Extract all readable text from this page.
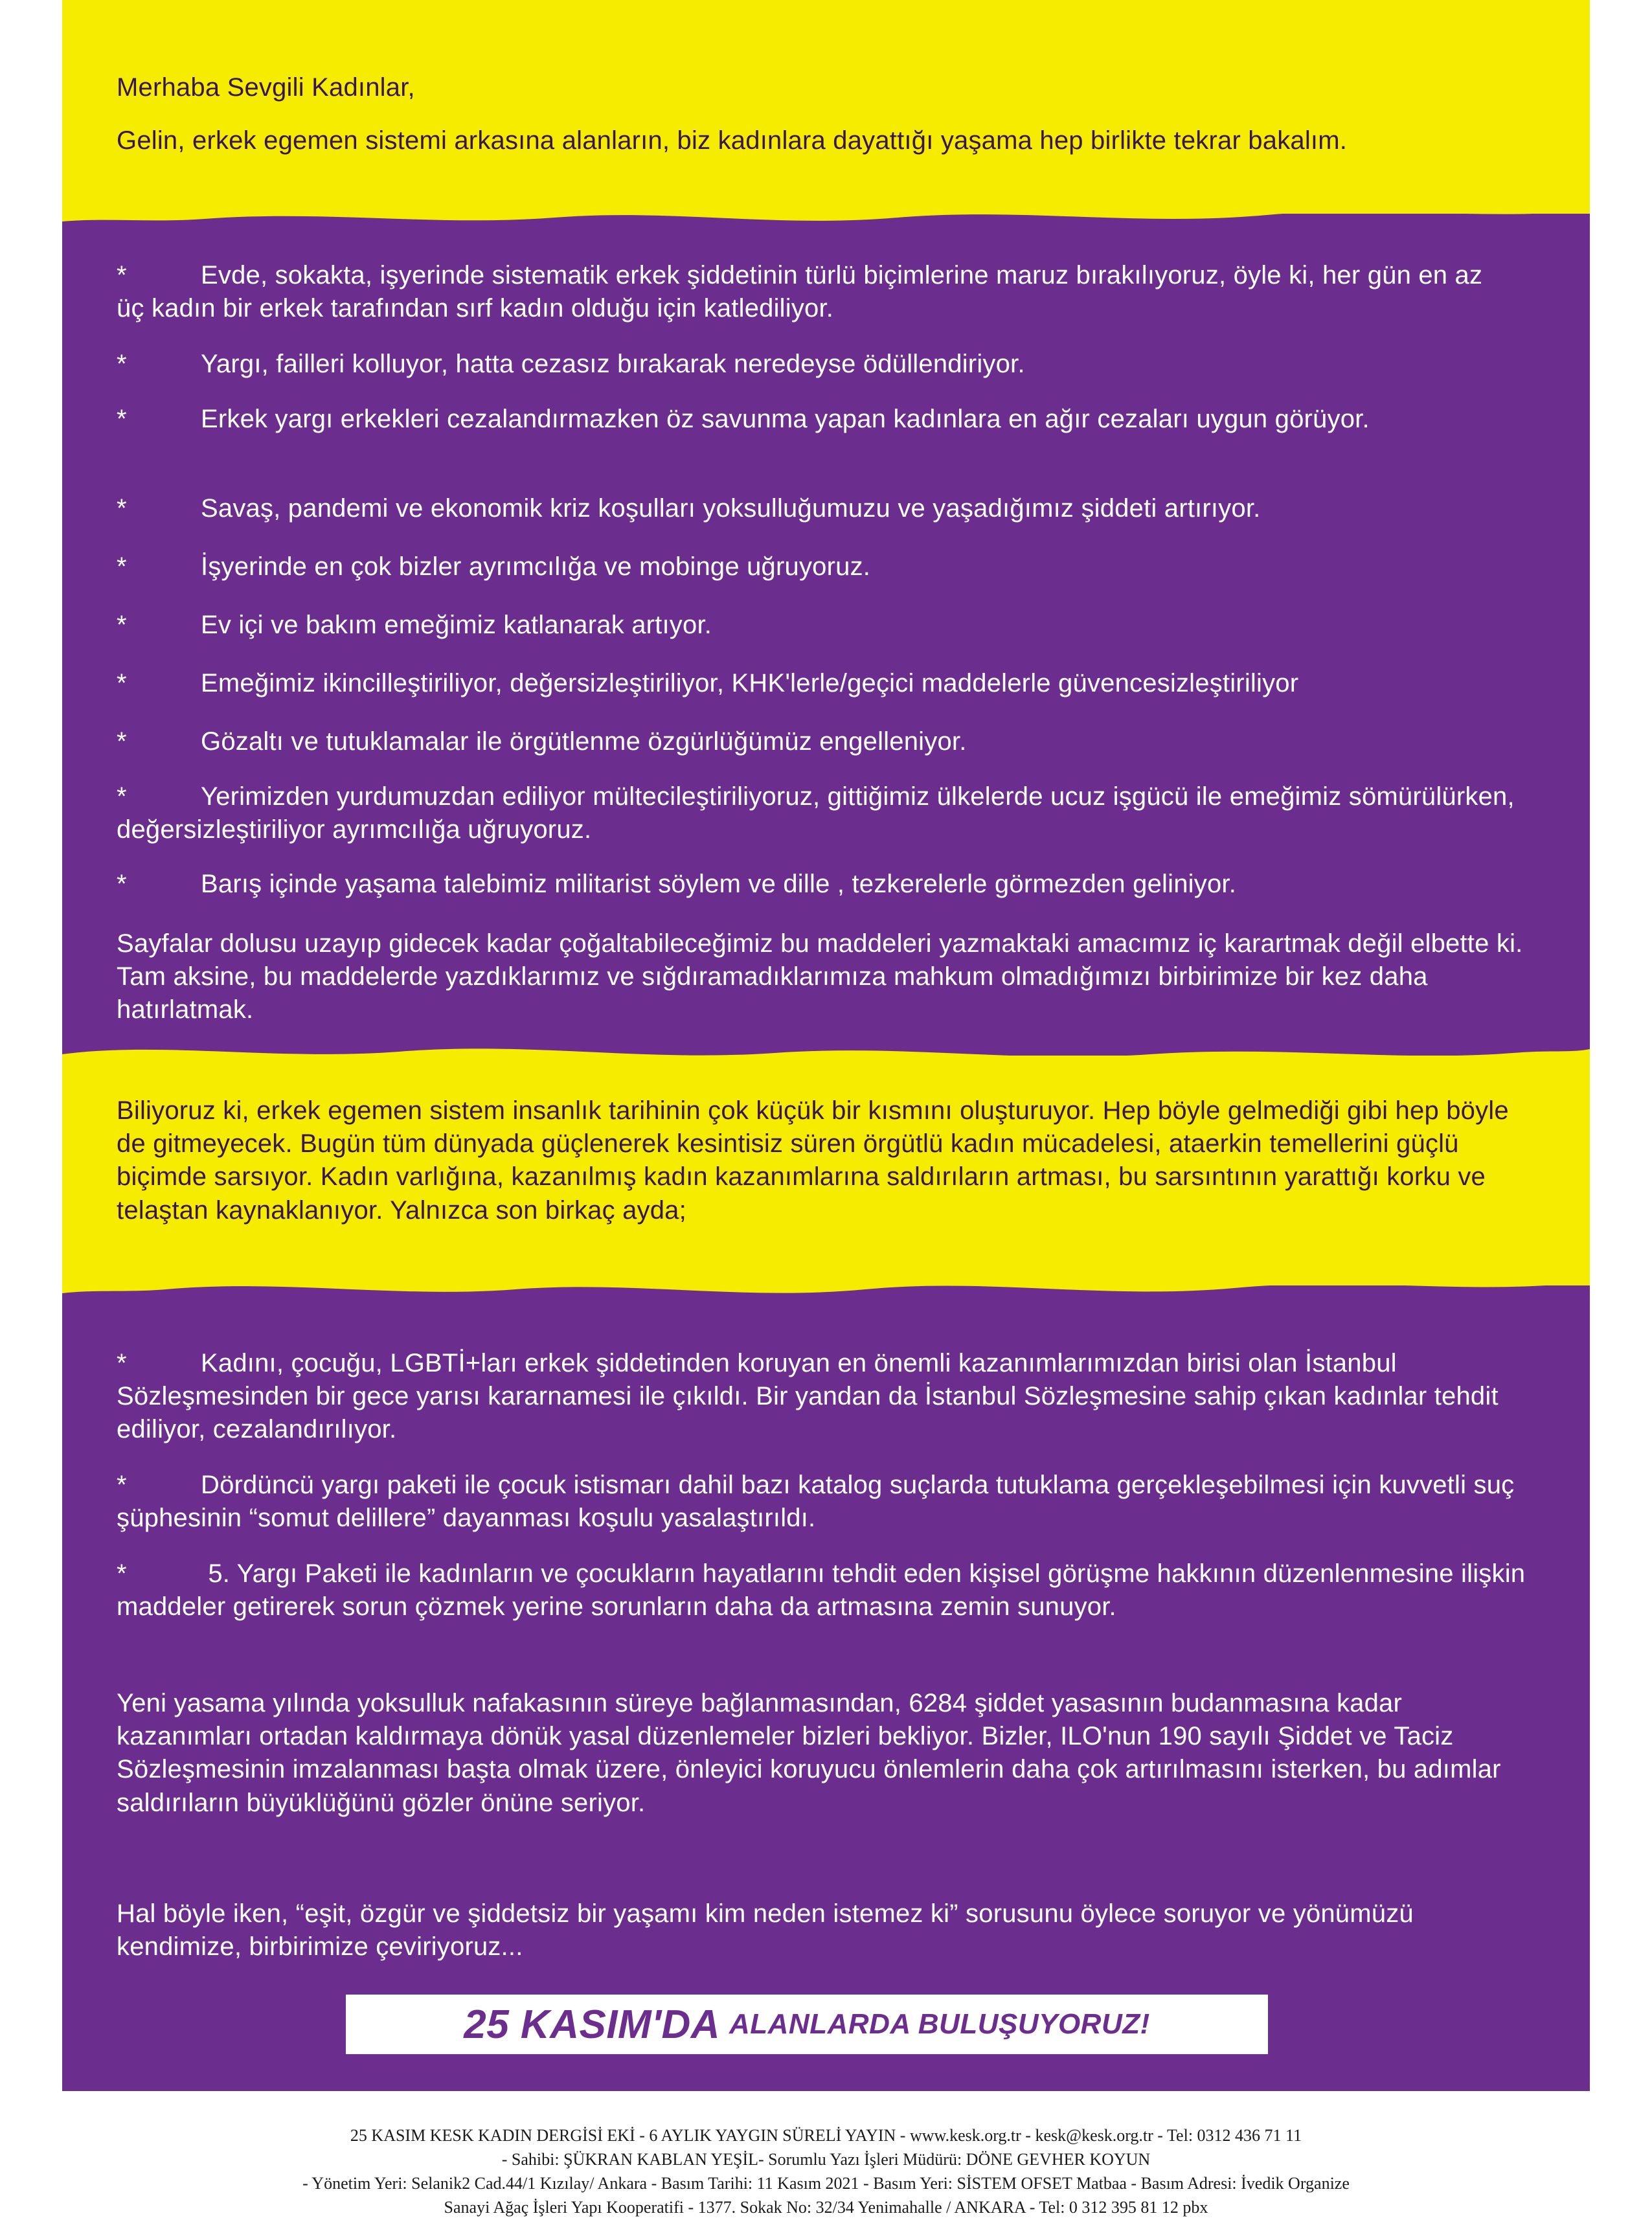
Merhaba Sevgili Kadınlar,
Gelin, erkek egemen sistemi arkasına alanların, biz kadınlara dayattığı yaşama hep birlikte tekrar bakalım.
*	Evde, sokakta, işyerinde sistematik erkek şiddetinin türlü biçimlerine maruz bırakılıyoruz, öyle ki, her gün en az üç kadın bir erkek tarafından sırf kadın olduğu için katlediliyor.
*	Yargı, failleri kolluyor, hatta cezasız bırakarak neredeyse ödüllendiriyor.
*	Erkek yargı erkekleri cezalandırmazken öz savunma yapan kadınlara en ağır cezaları uygun görüyor.
*	Savaş, pandemi ve ekonomik kriz koşulları yoksulluğumuzu ve yaşadığımız şiddeti artırıyor.
*	İşyerinde en çok bizler ayrımcılığa ve mobinge uğruyoruz.
*	Ev içi ve bakım emeğimiz katlanarak artıyor.
*	Emeğimiz ikincilleştiriliyor, değersizleştiriliyor, KHK'lerle/geçici maddelerle güvencesizleştiriliyor
*	Gözaltı ve tutuklamalar ile örgütlenme özgürlüğümüz engelleniyor.
*	Yerimizden yurdumuzdan ediliyor mültecileştiriliyoruz, gittiğimiz ülkelerde ucuz işgücü ile emeğimiz sömürülürken, değersizleştiriliyor ayrımcılığa uğruyoruz.
*	Barış içinde yaşama talebimiz militarist söylem ve dille , tezkerelerle görmezden geliniyor.
Sayfalar dolusu uzayıp gidecek kadar çoğaltabileceğimiz bu maddeleri yazmaktaki amacımız iç karartmak değil elbette ki. Tam aksine, bu maddelerde yazdıklarımız ve sığdıramadıklarımıza mahkum olmadığımızı birbirimize bir kez daha hatırlatmak.
Biliyoruz ki, erkek egemen sistem insanlık tarihinin çok küçük bir kısmını oluşturuyor. Hep böyle gelmediği gibi hep böyle de gitmeyecek. Bugün tüm dünyada güçlenerek kesintisiz süren örgütlü kadın mücadelesi, ataerkin temellerini güçlü biçimde sarsıyor. Kadın varlığına, kazanılmış kadın kazanımlarına saldırıların artması, bu sarsıntının yarattığı korku ve telaştan kaynaklanıyor. Yalnızca son birkaç ayda;
*	Kadını, çocuğu, LGBTİ+ları erkek şiddetinden koruyan en önemli kazanımlarımızdan birisi olan İstanbul Sözleşmesinden bir gece yarısı kararnamesi ile çıkıldı. Bir yandan da İstanbul Sözleşmesine sahip çıkan kadınlar tehdit ediliyor, cezalandırılıyor.
*	Dördüncü yargı paketi ile çocuk istismarı dahil bazı katalog suçlarda tutuklama gerçekleşebilmesi için kuvvetli suç şüphesinin “somut delillere” dayanması koşulu yasalaştırıldı.
*	5. Yargı Paketi ile kadınların ve çocukların hayatlarını tehdit eden kişisel görüşme hakkının düzenlenmesine ilişkin maddeler getirerek sorun çözmek yerine sorunların daha da artmasına zemin sunuyor.
Yeni yasama yılında yoksulluk nafakasının süreye bağlanmasından, 6284 şiddet yasasının budanmasına kadar kazanımları ortadan kaldırmaya dönük yasal düzenlemeler bizleri bekliyor. Bizler, ILO'nun 190 sayılı Şiddet ve Taciz Sözleşmesinin imzalanması başta olmak üzere, önleyici koruyucu önlemlerin daha çok artırılmasını isterken, bu adımlar saldırıların büyüklüğünü gözler önüne seriyor.
Hal böyle iken, “eşit, özgür ve şiddetsiz bir yaşamı kim neden istemez ki” sorusunu öylece soruyor ve yönümüzü kendimize, birbirimize çeviriyoruz...
25 KASIM'DA ALANLARDA BULUŞUYORUZ!
25 KASIM KESK KADIN DERGİSİ EKİ - 6 AYLIK YAYGIN SÜRELİ YAYIN - www.kesk.org.tr - kesk@kesk.org.tr - Tel: 0312 436 71 11
- Sahibi: ŞÜKRAN KABLAN YEŞİL- Sorumlu Yazı İşleri Müdürü: DÖNE GEVHER KOYUN
- Yönetim Yeri: Selanik2 Cad.44/1 Kızılay/ Ankara - Basım Tarihi: 11 Kasım 2021 - Basım Yeri: SİSTEM OFSET Matbaa - Basım Adresi: İvedik Organize
Sanayi Ağaç İşleri Yapı Kooperatifi - 1377. Sokak No: 32/34 Yenimahalle / ANKARA - Tel: 0 312 395 81 12 pbx
